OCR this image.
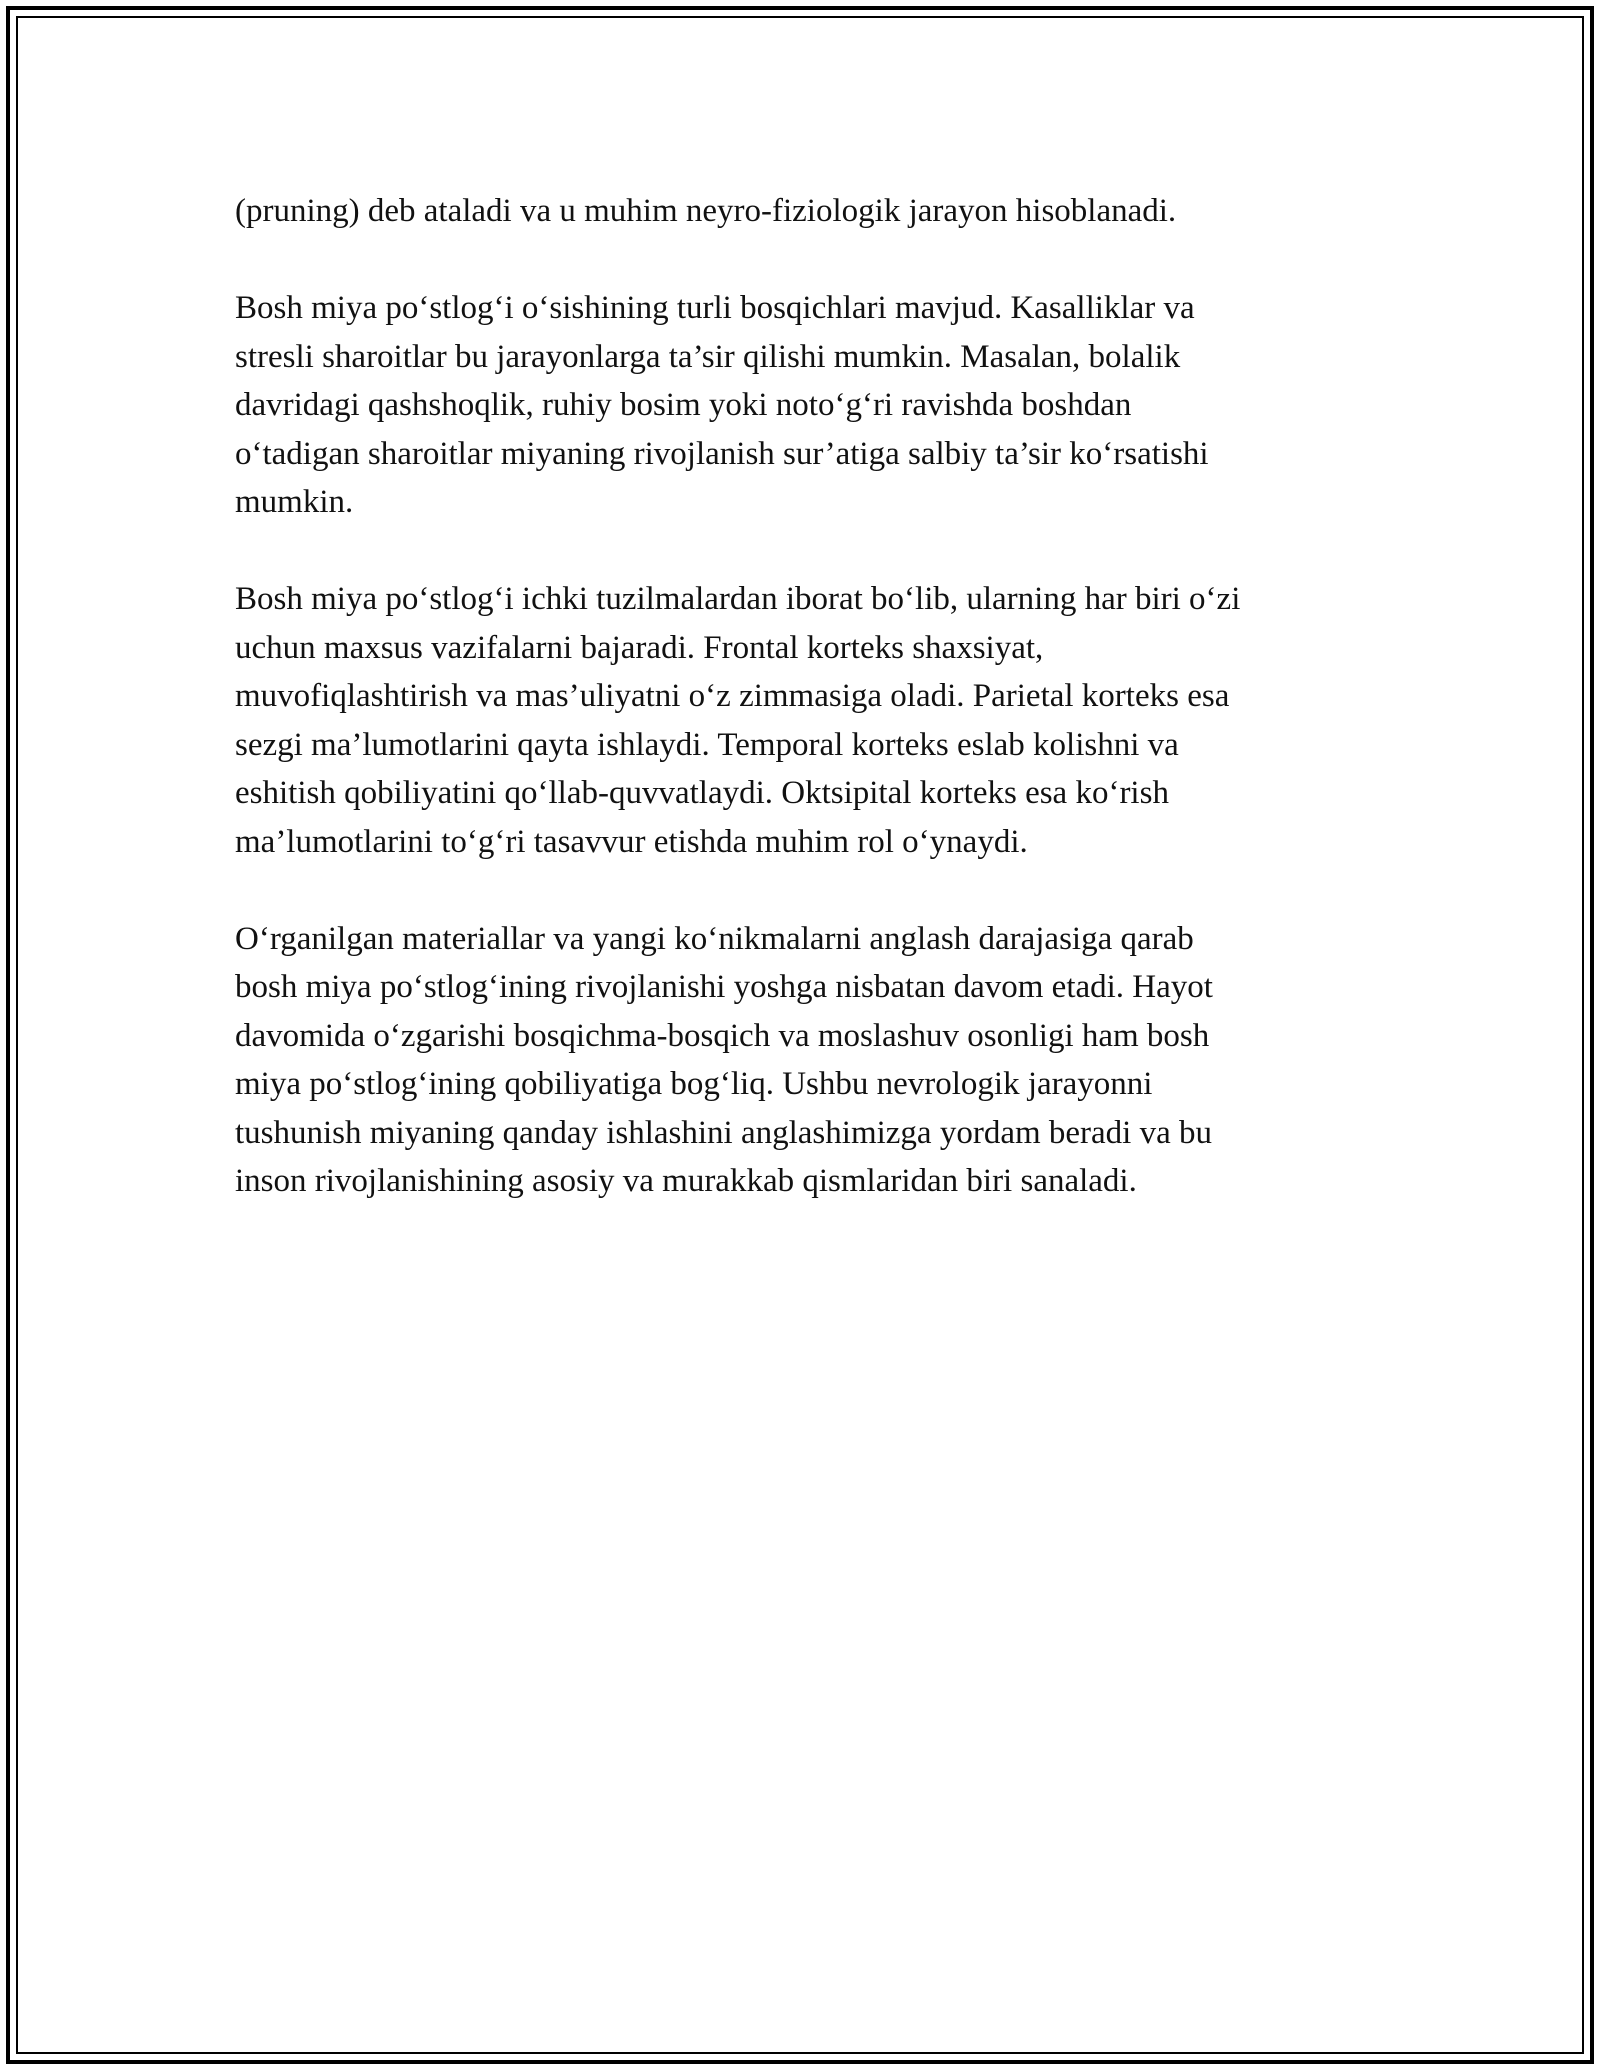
(pruning) deb ataladi va u muhim neyro-fiziologik jarayon hisoblanadi.

Bosh miya po‘stlog‘i o‘sishining turli bosqichlari mavjud. Kasalliklar va
stresli sharoitlar bu jarayonlarga ta’sir qilishi mumkin. Masalan, bolalik
davridagi qashshoqlik, ruhiy bosim yoki noto‘g‘ri ravishda boshdan
o‘tadigan sharoitlar miyaning rivojlanish sur’atiga salbiy ta’sir ko‘rsatishi
mumkin.

Bosh miya po‘stlog‘i ichki tuzilmalardan iborat bo‘lib, ularning har biri o‘zi
uchun maxsus vazifalarni bajaradi. Frontal korteks shaxsiyat,
muvofiqlashtirish va mas’uliyatni o‘z zimmasiga oladi. Parietal korteks esa
sezgi ma’lumotlarini qayta ishlaydi. Temporal korteks eslab kolishni va
eshitish qobiliyatini qo‘llab-quvvatlaydi. Oktsipital korteks esa ko‘rish
ma’lumotlarini to‘g‘ri tasavvur etishda muhim rol o‘ynaydi.

O‘rganilgan materiallar va yangi ko‘nikmalarni anglash darajasiga qarab
bosh miya po‘stlog‘ining rivojlanishi yoshga nisbatan davom etadi. Hayot
davomida o‘zgarishi bosqichma-bosqich va moslashuv osonligi ham bosh
miya po‘stlog‘ining qobiliyatiga bog‘liq. Ushbu nevrologik jarayonni
tushunish miyaning qanday ishlashini anglashimizga yordam beradi va bu
inson rivojlanishining asosiy va murakkab qismlaridan biri sanaladi.
